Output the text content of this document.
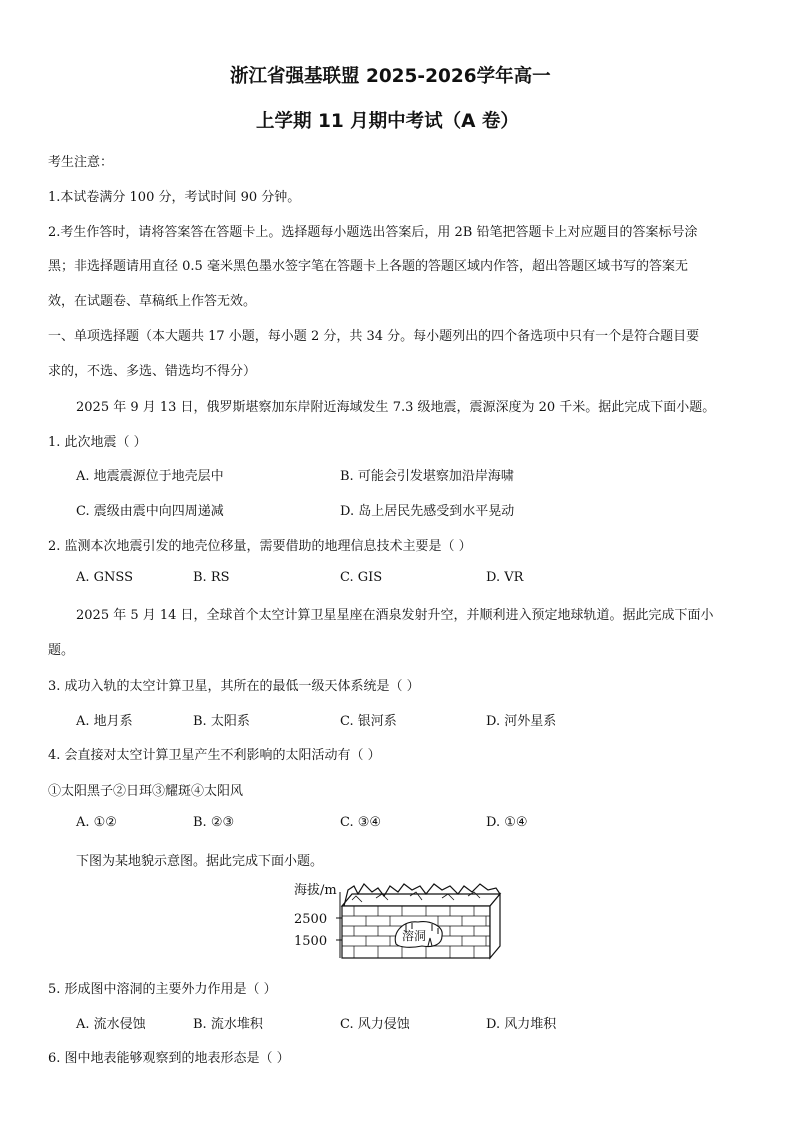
浙江省强基联盟 2025-2026学年高一
上学期 11 月期中考试（A 卷）
考生注意：
1.本试卷满分 100 分，考试时间 90 分钟。
2.考生作答时，请将答案答在答题卡上。选择题每小题选出答案后，用 2B 铅笔把答题卡上对应题目的答案标号涂
黑；非选择题请用直径 0.5 毫米黑色墨水签字笔在答题卡上各题的答题区域内作答，超出答题区域书写的答案无
效，在试题卷、草稿纸上作答无效。
一、单项选择题（本大题共 17 小题，每小题 2 分，共 34 分。每小题列出的四个备选项中只有一个是符合题目要
求的，不选、多选、错选均不得分）
2025 年 9 月 13 日，俄罗斯堪察加东岸附近海域发生 7.3 级地震，震源深度为 20 千米。据此完成下面小题。
1. 此次地震（ ）
A. 地震震源位于地壳层中	B. 可能会引发堪察加沿岸海啸
C. 震级由震中向四周递减	D. 岛上居民先感受到水平晃动
2. 监测本次地震引发的地壳位移量，需要借助的地理信息技术主要是（ ）
A. GNSS	B. RS	C. GIS	D. VR
2025 年 5 月 14 日，全球首个太空计算卫星星座在酒泉发射升空，并顺利进入预定地球轨道。据此完成下面小
题。
3. 成功入轨的太空计算卫星，其所在的最低一级天体系统是（ ）
A. 地月系	B. 太阳系	C. 银河系	D. 河外星系
4. 会直接对太空计算卫星产生不利影响的太阳活动有（ ）
①太阳黑子②日珥③耀斑④太阳风
A. ①②	B. ②③	C. ③④	D. ①④
下图为某地貌示意图。据此完成下面小题。
溶洞
海拔/m
2500
1500
5. 形成图中溶洞的主要外力作用是（ ）
A. 流水侵蚀	B. 流水堆积	C. 风力侵蚀	D. 风力堆积
6. 图中地表能够观察到的地表形态是（ ）
